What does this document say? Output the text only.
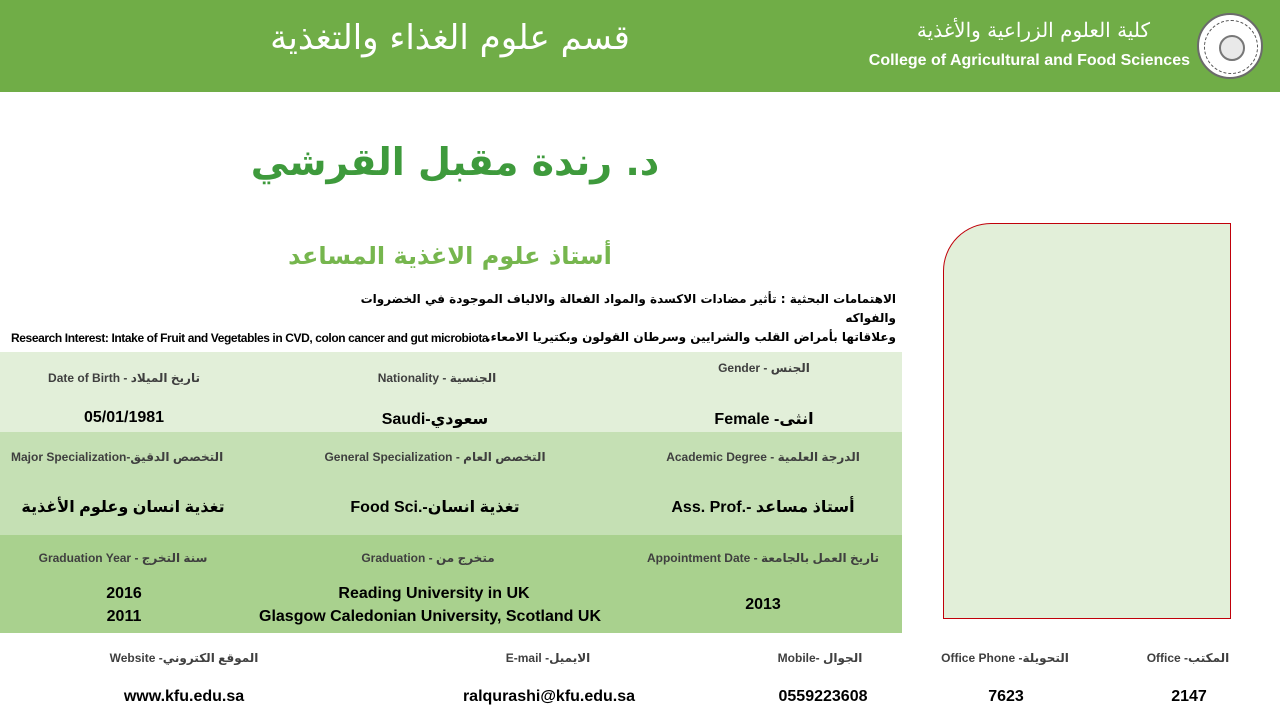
قسم علوم الغذاء والتغذية	كلية العلوم الزراعية والأغذية
College of Agricultural and Food Sciences
د. رندة مقبل القرشي
أستاذ علوم الاغذية المساعد
الاهتمامات البحثية : تأثير مضادات الاكسدة والمواد الفعالة والالياف الموجودة في الخضروات والفواكه
وعلاقاتها بأمراض القلب والشرايين وسرطان القولون وبكتيريا الامعاء.
Research Interest: Intake of Fruit and Vegetables in CVD, colon cancer and gut microbiota
Date of Birth - تاريخ الميلاد
05/01/1981
Nationality - الجنسية
Saudi-سعودي
Gender - الجنس
Female -انثى
Major Specialization-التخصص الدقيق
تغذية انسان وعلوم الأغذية
General Specialization - التخصص العام
Food Sci.-تغذية انسان
Academic Degree - الدرجة العلمية
Ass. Prof.- أستاذ مساعد
Graduation Year - سنة التخرج
2016
2011
Graduation - متخرج من
Reading University in UK
Glasgow Caledonian University, Scotland UK
Appointment Date - تاريخ العمل بالجامعة
2013
Website -الموقع الكتروني
www.kfu.edu.sa
E-mail -الايميل
ralqurashi@kfu.edu.sa
Mobile- الجوال
0559223608
Office Phone -التحويلة
7623
Office -المكتب
2147
